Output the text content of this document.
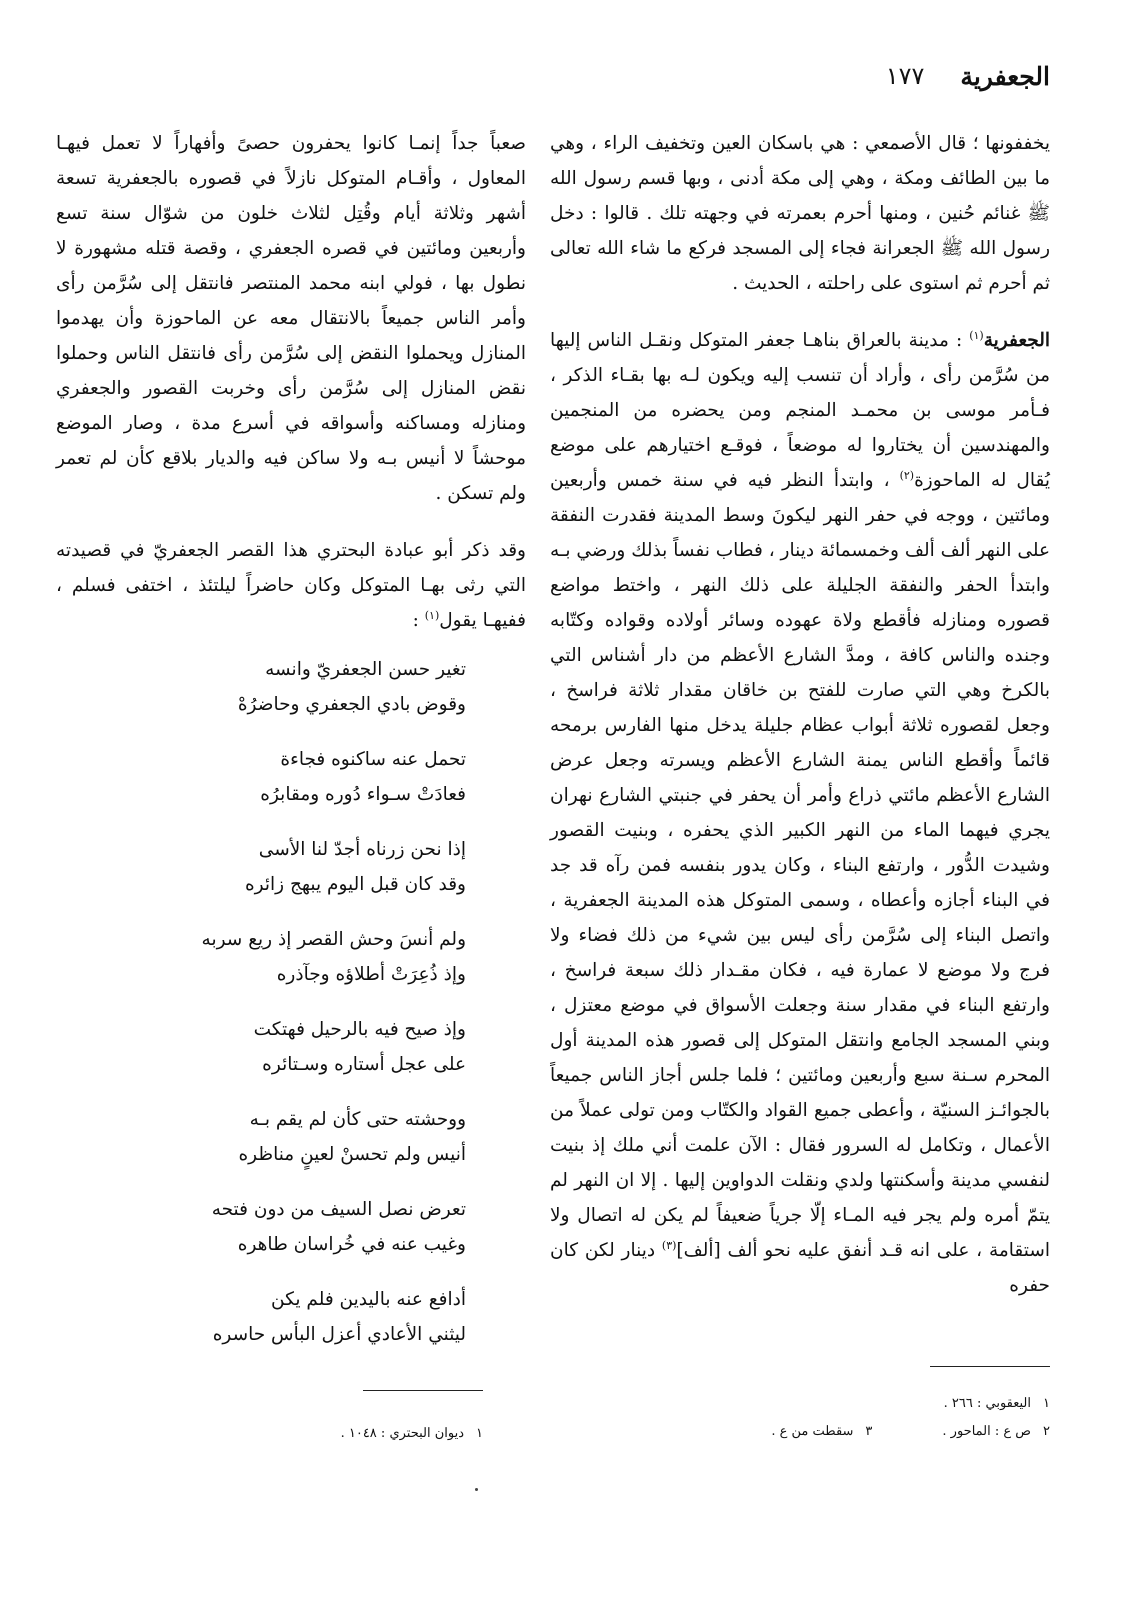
الجعفرية
١٧٧

يخففونها ؛ قال الأصمعي : هي باسكان العين وتخفيف الراء ، وهي ما بين الطائف ومكة ، وهي إلى مكة أدنى ، وبها قسم رسول الله ﷺ غنائم حُنين ، ومنها أحرم بعمرته في وجهته تلك . قالوا : دخل رسول الله ﷺ الجعرانة فجاء إلى المسجد فركع ما شاء الله تعالى ثم أحرم ثم استوى على راحلته ، الحديث .

الجعفرية$^{(١)}$ : مدينة بالعراق بناهـا جعفر المتوكل ونقـل الناس إليها من سُرَّمن رأى ، وأراد أن تنسب إليه ويكون لـه بها بقـاء الذكر ، فـأمر موسى بن محمـد المنجم ومن يحضره من المنجمين والمهندسين أن يختاروا له موضعاً ، فوقـع اختيارهم على موضع يُقال له الماحوزة$^{(٢)}$ ، وابتدأ النظر فيه في سنة خمس وأربعين ومائتين ، ووجه في حفر النهر ليكونَ وسط المدينة فقدرت النفقة على النهر ألف ألف وخمسمائة دينار ، فطاب نفساً بذلك ورضي بـه وابتدأ الحفر والنفقة الجليلة على ذلك النهر ، واختط مواضع قصوره ومنازله فأقطع ولاة عهوده وسائر أولاده وقواده وكتّابه وجنده والناس كافة ، ومدَّ الشارع الأعظم من دار أشناس التي بالكرخ وهي التي صارت للفتح بن خاقان مقدار ثلاثة فراسخ ، وجعل لقصوره ثلاثة أبواب عظام جليلة يدخل منها الفارس برمحه قائماً وأقطع الناس يمنة الشارع الأعظم ويسرته وجعل عرض الشارع الأعظم مائتي ذراع وأمر أن يحفر في جنبتي الشارع نهران يجري فيهما الماء من النهر الكبير الذي يحفره ، وبنيت القصور وشيدت الدُّور ، وارتفع البناء ، وكان يدور بنفسه فمن رآه قد جد في البناء أجازه وأعطاه ، وسمى المتوكل هذه المدينة الجعفرية ، واتصل البناء إلى سُرَّمن رأى ليس بين شيء من ذلك فضاء ولا فرج ولا موضع لا عمارة فيه ، فكان مقـدار ذلك سبعة فراسخ ، وارتفع البناء في مقدار سنة وجعلت الأسواق في موضع معتزل ، وبني المسجد الجامع وانتقل المتوكل إلى قصور هذه المدينة أول المحرم سـنة سبع وأربعين ومائتين ؛ فلما جلس أجاز الناس جميعاً بالجوائـز السنيّة ، وأعطى جميع القواد والكتّاب ومن تولى عملاً من الأعمال ، وتكامل له السرور فقال : الآن علمت أني ملك إذ بنيت لنفسي مدينة وأسكنتها ولدي ونقلت الدواوين إليها . إلا ان النهر لم يتمّ أمره ولم يجر فيه المـاء إلّا جرياً ضعيفاً لم يكن له اتصال ولا استقامة ، على انه قـد أنفق عليه نحو ألف [ألف]$^{(٣)}$ دينار لكن كان حفره

صعباً جداً إنمـا كانوا يحفرون حصىً وأفهاراً لا تعمل فيهـا المعاول ، وأقـام المتوكل نازلاً في قصوره بالجعفرية تسعة أشهر وثلاثة أيام وقُتِل لثلاث خلون من شوّال سنة تسع وأربعين ومائتين في قصره الجعفري ، وقصة قتله مشهورة لا نطول بها ، فولي ابنه محمد المنتصر فانتقل إلى سُرَّمن رأى وأمر الناس جميعاً بالانتقال معه عن الماحوزة وأن يهدموا المنازل ويحملوا النقض إلى سُرَّمن رأى فانتقل الناس وحملوا نقض المنازل إلى سُرَّمن رأى وخربت القصور والجعفري ومنازله ومساكنه وأسواقه في أسرع مدة ، وصار الموضع موحشاً لا أنيس بـه ولا ساكن فيه والديار بلاقع كأن لم تعمر ولم تسكن .

وقد ذكر أبو عبادة البحتري هذا القصر الجعفريّ في قصيدته التي رثى بهـا المتوكل وكان حاضراً ليلتئذ ، اختفى فسلم ، ففيهـا يقول$^{(١)}$ :

تغير حسن الجعفريّ وانسه

وقوض بادي الجعفري وحاضرُهْ

تحمل عنه ساكنوه فجاءة

فعادَتْ سـواء دُوره ومقابرُه

إذا نحن زرناه أجدّ لنا الأسى

وقد كان قبل اليوم يبهج زائره

ولم أنسَ وحش القصر إذ ريع سربه

وإذ ذُعِرَتْ أطلاؤه وجآذره

وإذ صيح فيه بالرحيل فهتكت

على عجل أستاره وسـتائره

ووحشته حتى كأن لم يقم بـه

أنيس ولم تحسنْ لعينٍ مناظره

تعرض نصل السيف من دون فتحه

وغيب عنه في خُراسان طاهره

أدافع عنه باليدين فلم يكن

ليثني الأعادي أعزل البأس حاسره

١اليعقوبي : ٢٦٦ .
٢ص ع : الماحور .
٣سقطت من ع .
١ديوان البحتري : ١٠٤٨ .
